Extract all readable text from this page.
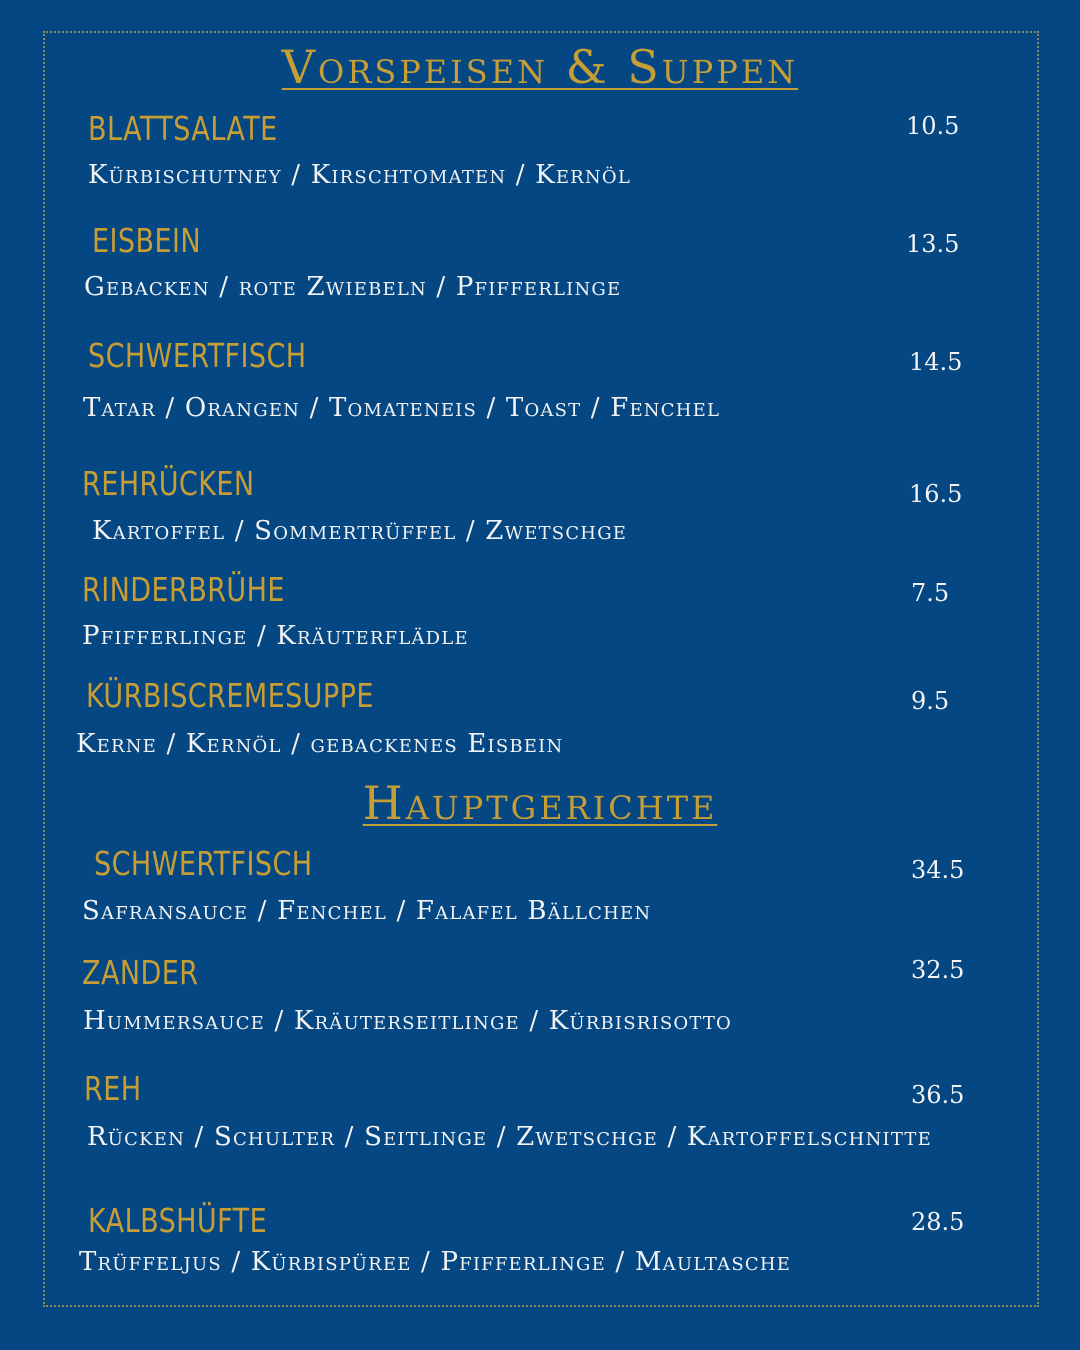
Vorspeisen & Suppen
BLATTSALATE	10.5
Kürbischutney / Kirschtomaten / Kernöl
EISBEIN	13.5
Gebacken / rote Zwiebeln / Pfifferlinge
SCHWERTFISCH	14.5
Tatar / Orangen / Tomateneis / Toast / Fenchel
REHRÜCKEN	16.5
Kartoffel / Sommertrüffel / Zwetschge
RINDERBRÜHE	7.5
Pfifferlinge / Kräuterflädle
KÜRBISCREMESUPPE	9.5
Kerne / Kernöl / gebackenes Eisbein
Hauptgerichte
SCHWERTFISCH	34.5
Safransauce / Fenchel / Falafel Bällchen
ZANDER	32.5
Hummersauce / Kräuterseitlinge / Kürbisrisotto
REH	36.5
Rücken / Schulter / Seitlinge / Zwetschge / Kartoffelschnitte
KALBSHÜFTE	28.5
Trüffeljus / Kürbispüree / Pfifferlinge / Maultasche
